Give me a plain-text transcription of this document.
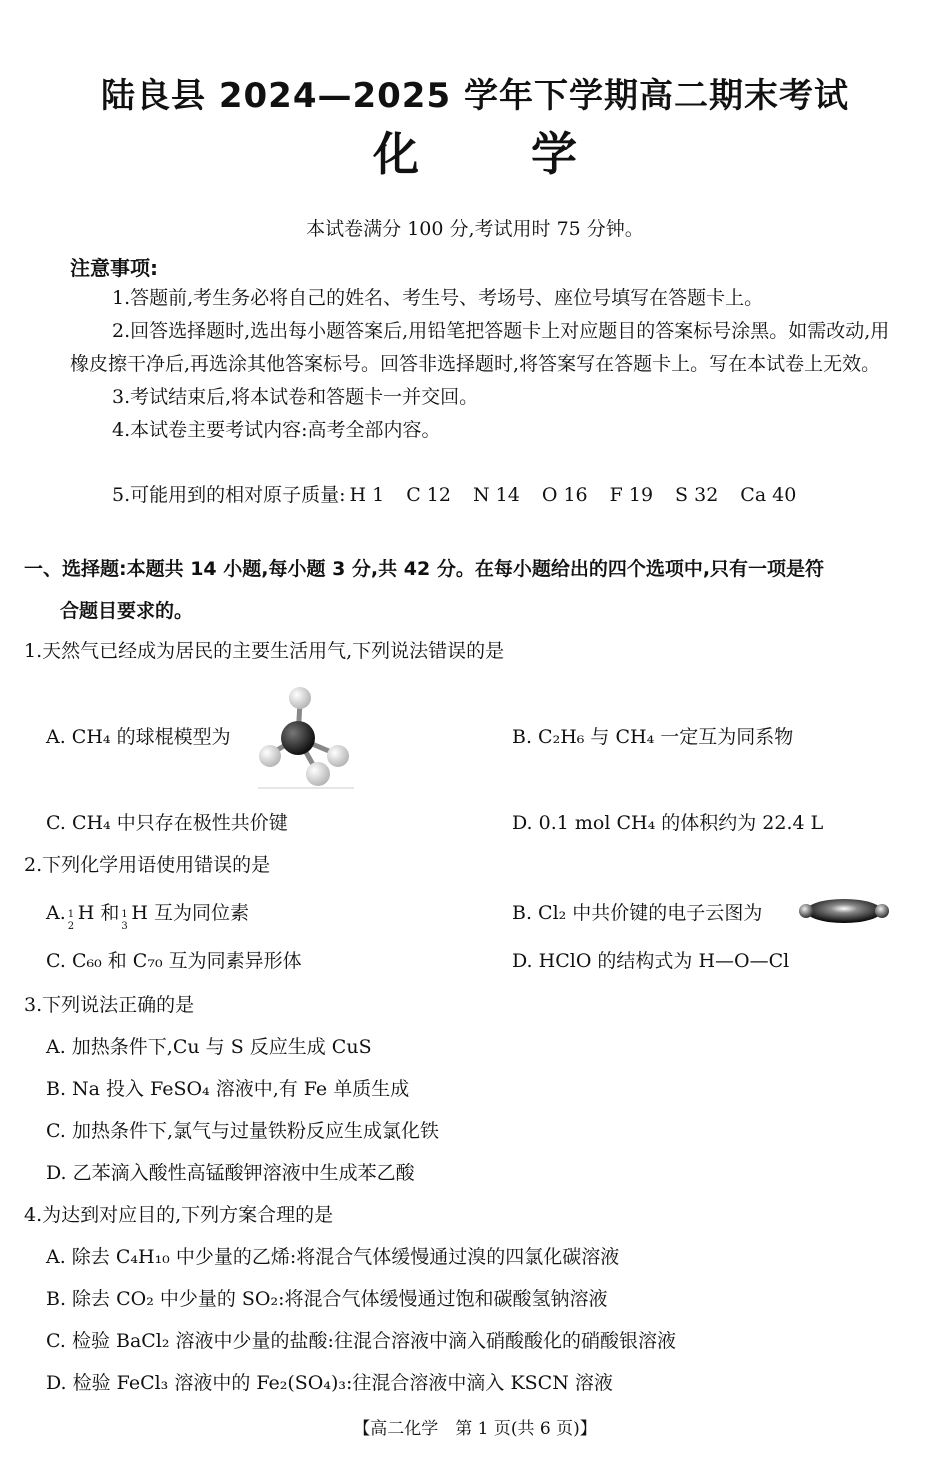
陆良县 2024—2025 学年下学期高二期末考试
化 学
本试卷满分 100 分,考试用时 75 分钟。
注意事项:

1.答题前,考生务必将自己的姓名、考生号、考场号、座位号填写在答题卡上。

2.回答选择题时,选出每小题答案后,用铅笔把答题卡上对应题目的答案标号涂黑。如需改动,用橡皮擦干净后,再选涂其他答案标号。回答非选择题时,将答案写在答题卡上。写在本试卷上无效。

3.考试结束后,将本试卷和答题卡一并交回。

4.本试卷主要考试内容:高考全部内容。

5.可能用到的相对原子质量: H 1 C 12 N 14 O 16 F 19 S 32 Ca 40
一、选择题:本题共 14 小题,每小题 3 分,共 42 分。在每小题给出的四个选项中,只有一项是符
合题目要求的。
1.天然气已经成为居民的主要生活用气,下列说法错误的是
A. CH₄ 的球棍模型为	B. C₂H₆ 与 CH₄ 一定互为同系物
C. CH₄ 中只存在极性共价键	D. 0.1 mol CH₄ 的体积约为 22.4 L
2.下列化学用语使用错误的是
A. 1
2
H 和 1
3
H 互为同位素	B. Cl₂ 中共价键的电子云图为
C. C₆₀ 和 C₇₀ 互为同素异形体	D. HClO 的结构式为 H—O—Cl
3.下列说法正确的是
A. 加热条件下,Cu 与 S 反应生成 CuS
B. Na 投入 FeSO₄ 溶液中,有 Fe 单质生成
C. 加热条件下,氯气与过量铁粉反应生成氯化铁
D. 乙苯滴入酸性高锰酸钾溶液中生成苯乙酸
4.为达到对应目的,下列方案合理的是
A. 除去 C₄H₁₀ 中少量的乙烯:将混合气体缓慢通过溴的四氯化碳溶液
B. 除去 CO₂ 中少量的 SO₂:将混合气体缓慢通过饱和碳酸氢钠溶液
C. 检验 BaCl₂ 溶液中少量的盐酸:往混合溶液中滴入硝酸酸化的硝酸银溶液
D. 检验 FeCl₃ 溶液中的 Fe₂(SO₄)₃:往混合溶液中滴入 KSCN 溶液
【高二化学　第 1 页(共 6 页)】
